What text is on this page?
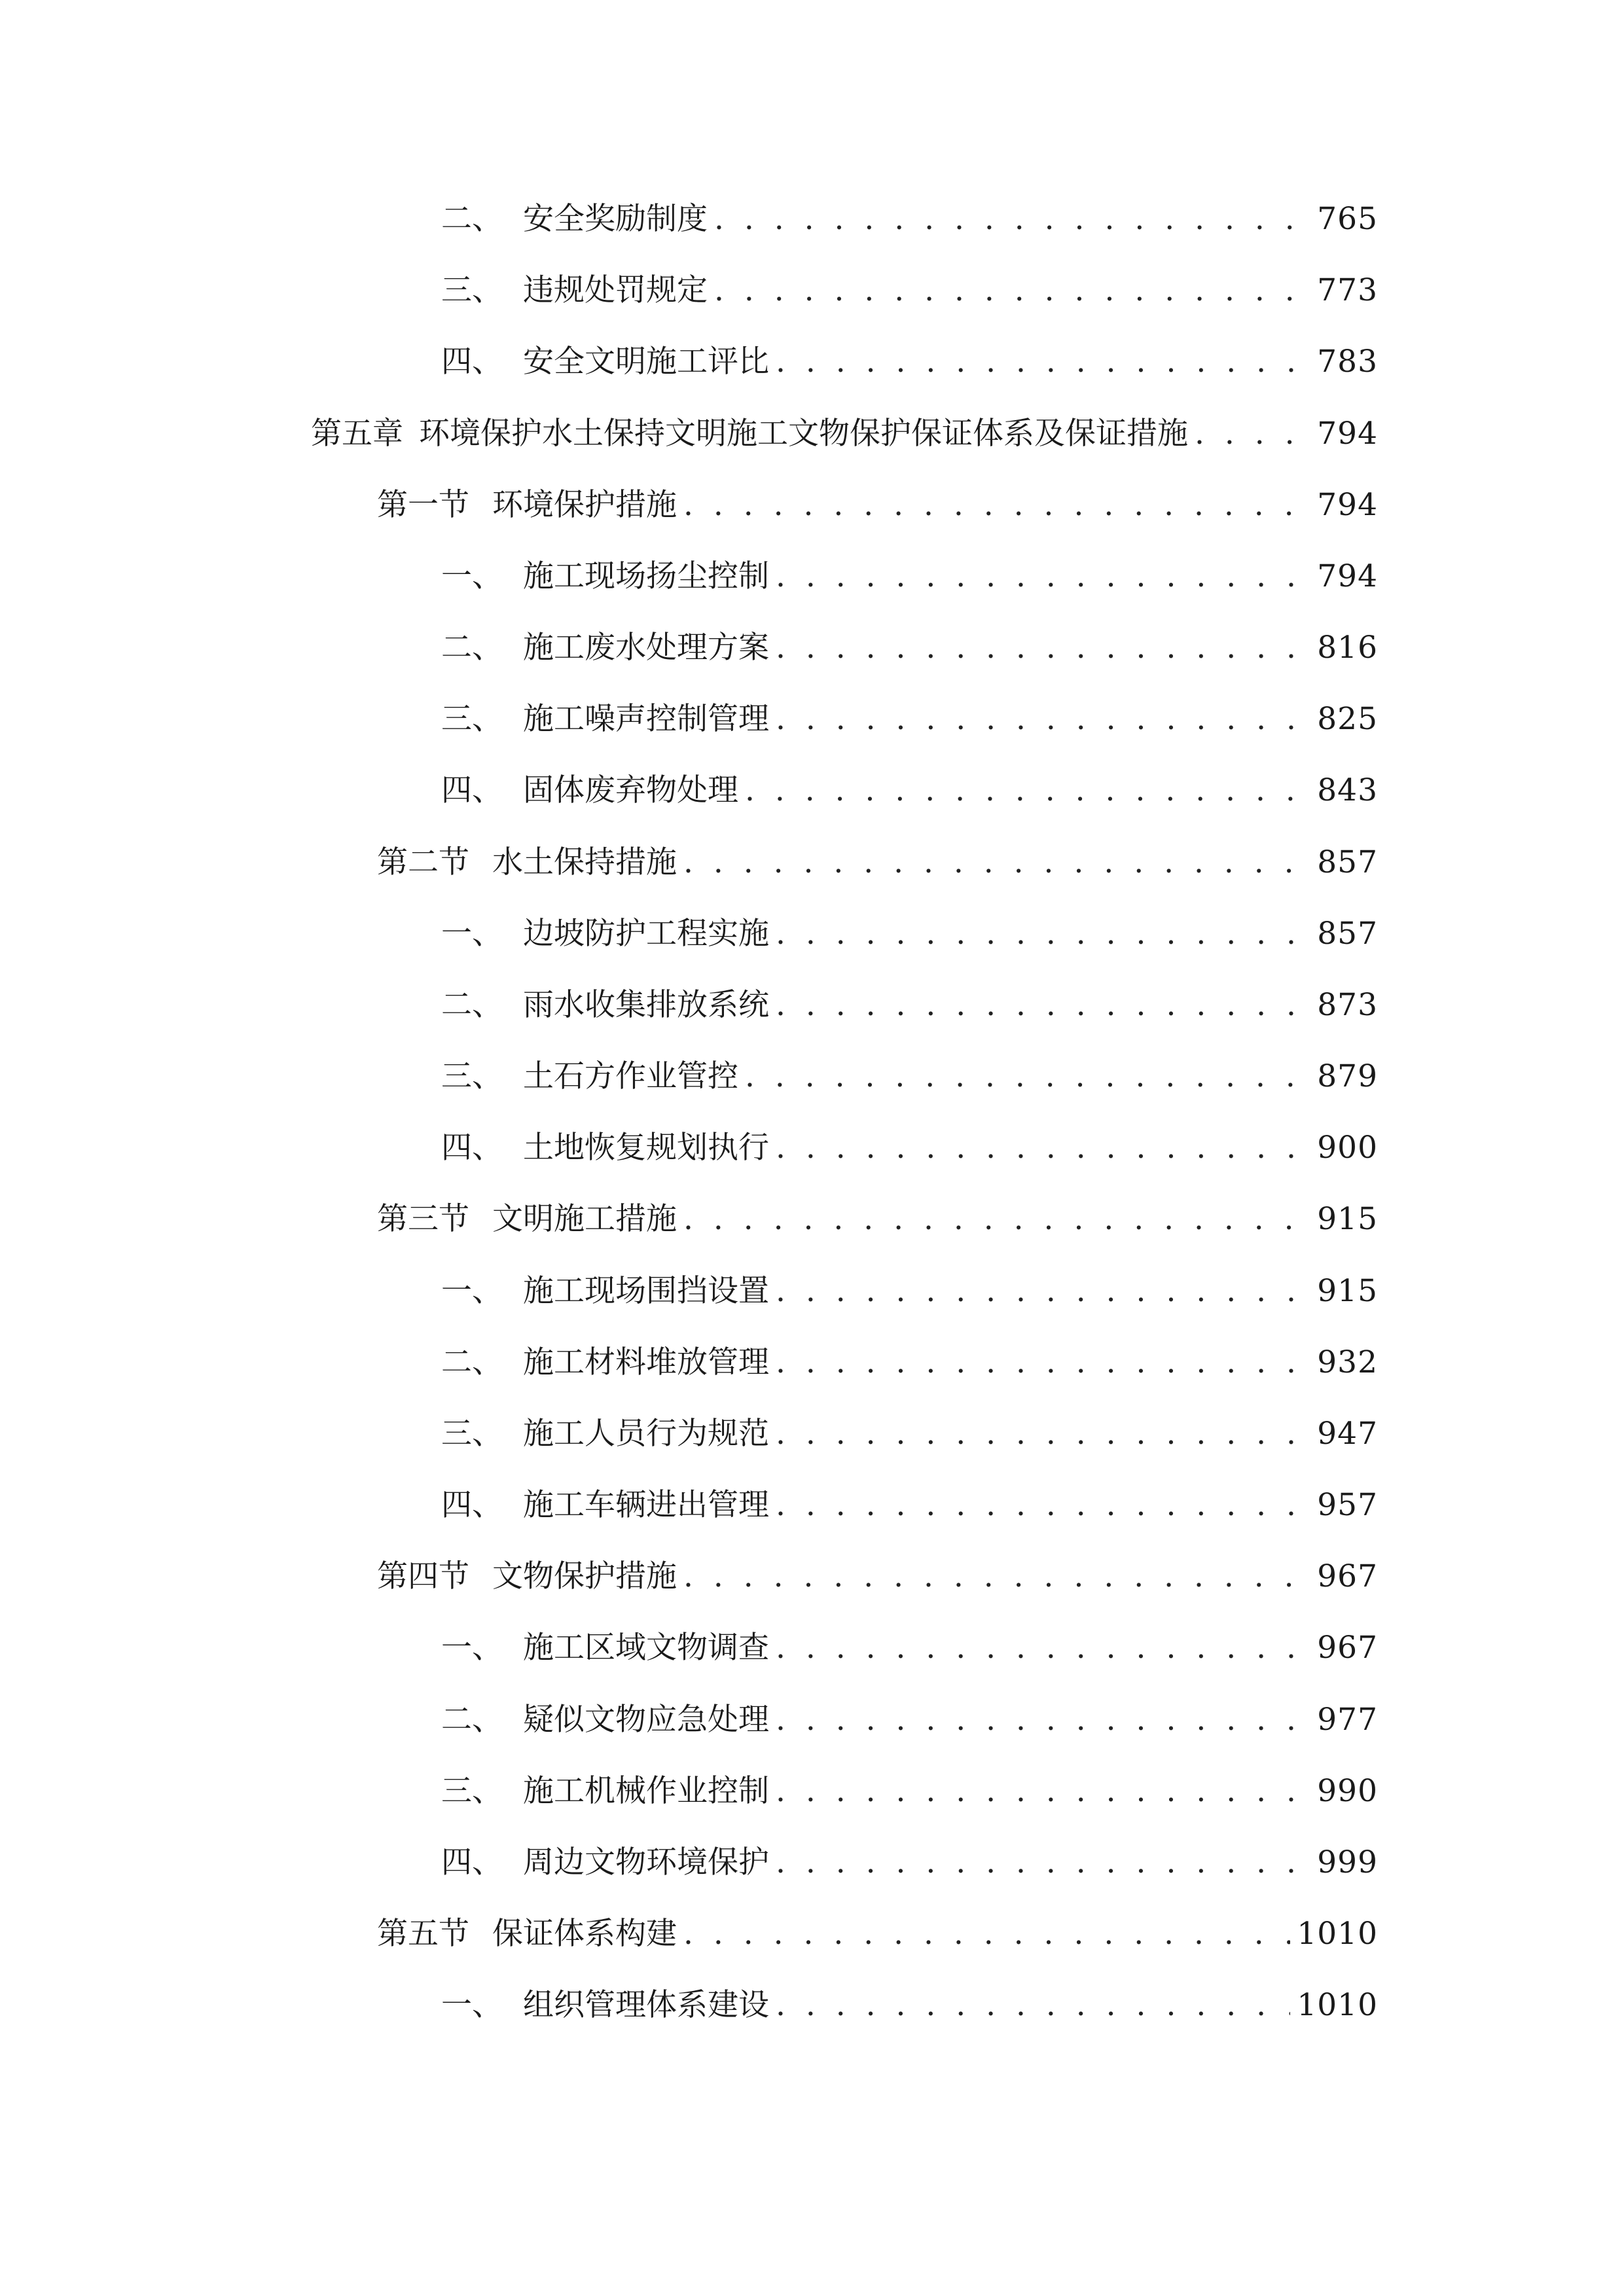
二、 安全奖励制度 . . .	765
三、 违规处罚规定 . . .	773
四、 安全文明施工评比 . . .	783
第五章 环境保护水土保持文明施工文物保护保证体系及保证措施 . . .	794
第一节 环境保护措施 . . .	794
一、 施工现场扬尘控制 . . .	794
二、 施工废水处理方案 . . .	816
三、 施工噪声控制管理 . . .	825
四、 固体废弃物处理 . . .	843
第二节 水土保持措施 . . .	857
一、 边坡防护工程实施 . . .	857
二、 雨水收集排放系统 . . .	873
三、 土石方作业管控 . . .	879
四、 土地恢复规划执行 . . .	900
第三节 文明施工措施 . . .	915
一、 施工现场围挡设置 . . .	915
二、 施工材料堆放管理 . . .	932
三、 施工人员行为规范 . . .	947
四、 施工车辆进出管理 . . .	957
第四节 文物保护措施 . . .	967
一、 施工区域文物调查 . . .	967
二、 疑似文物应急处理 . . .	977
三、 施工机械作业控制 . . .	990
四、 周边文物环境保护 . . .	999
第五节 保证体系构建 . . .	1010
一、 组织管理体系建设 . . .	1010
